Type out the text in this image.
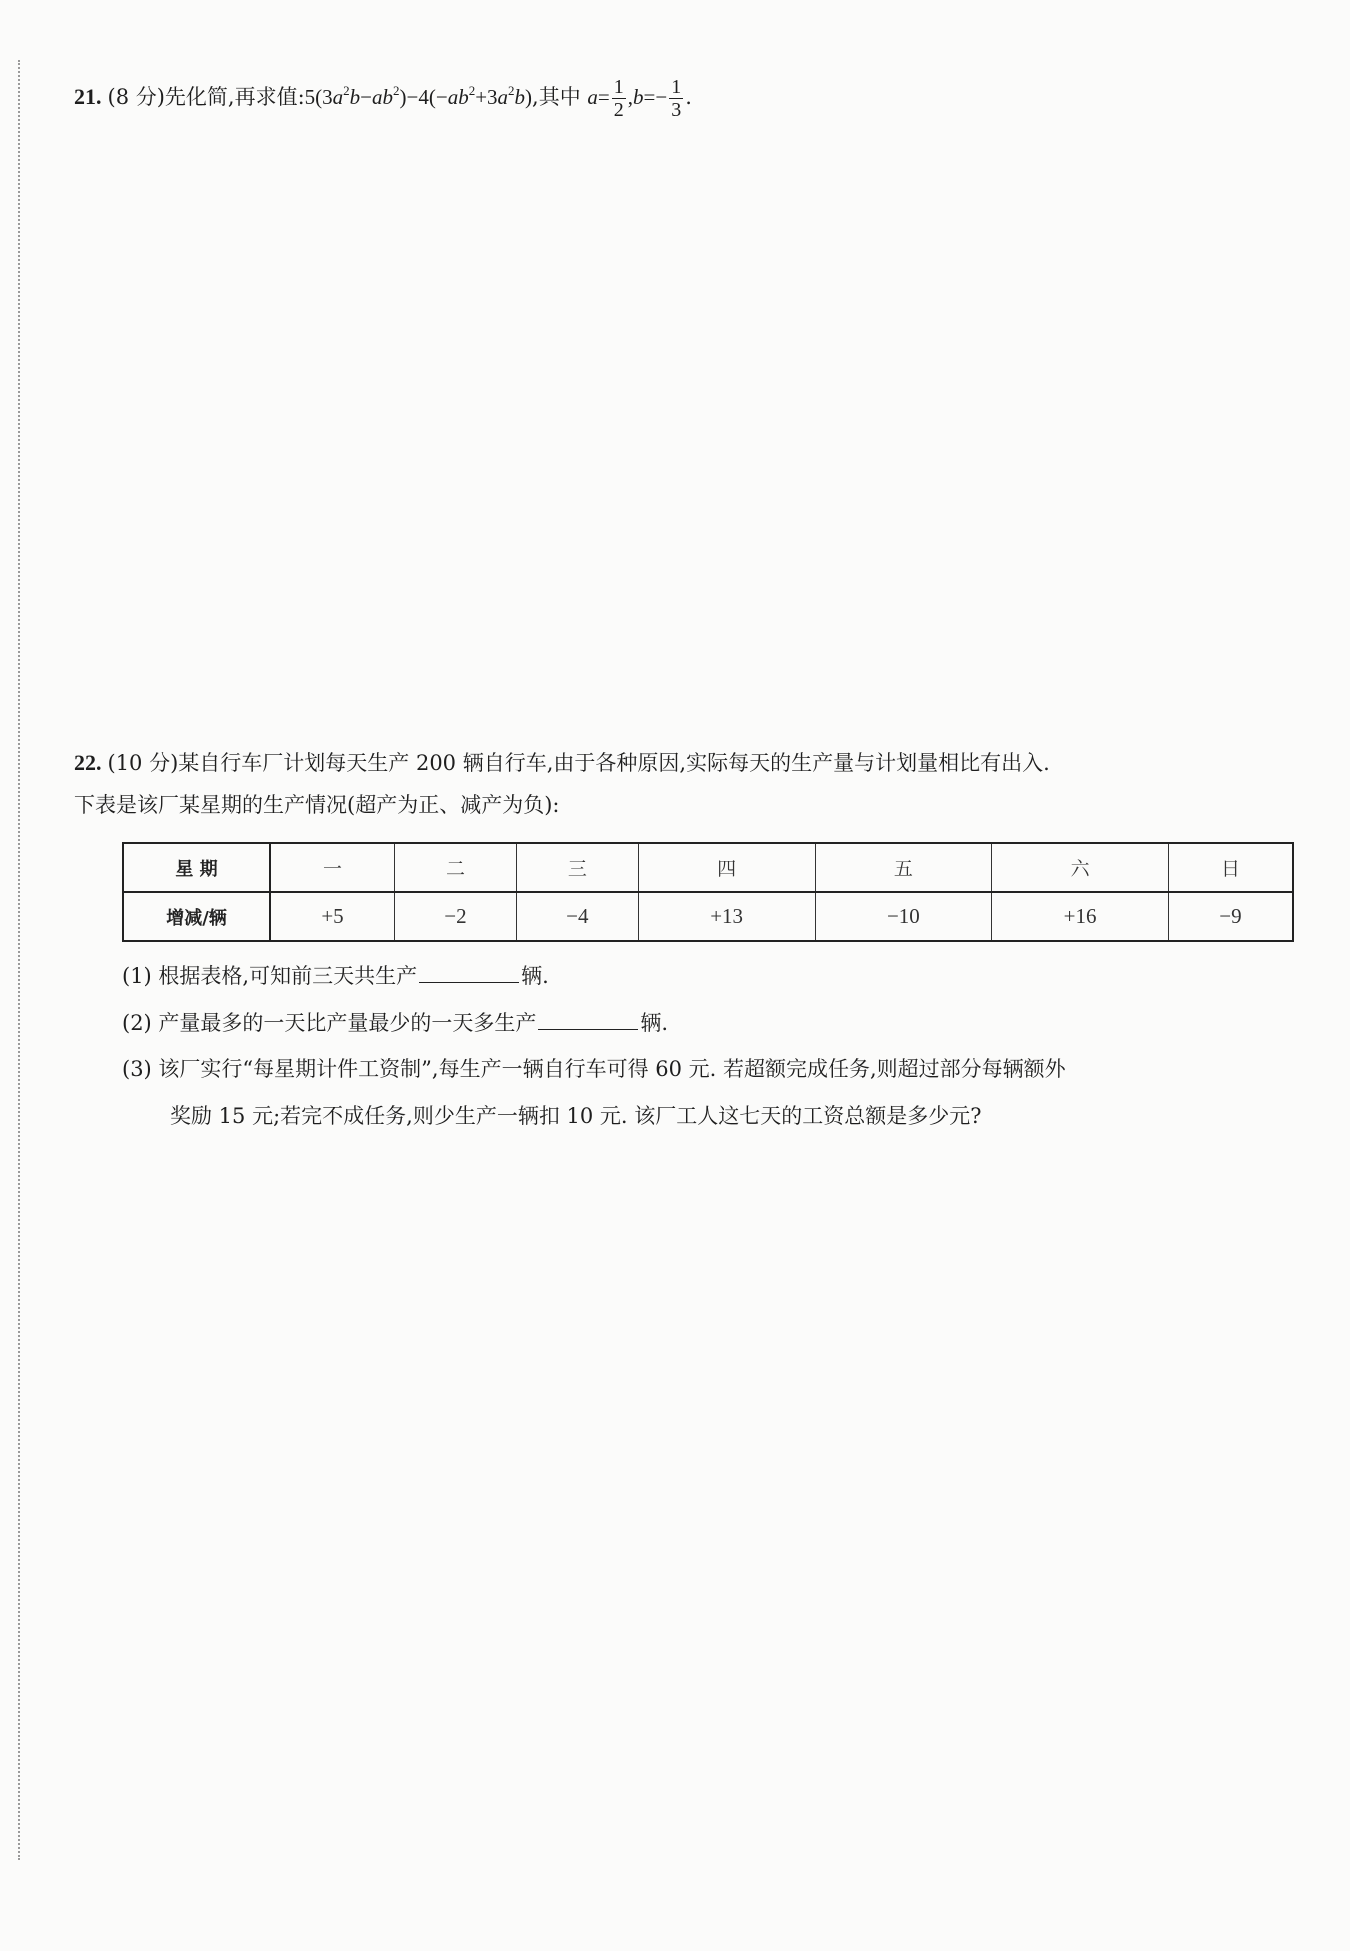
21. (8 分)先化简,再求值$:5(3a^2b-ab^2)-4(-ab^2+3a^2b)$,其中 $a= \frac{1}{2} ,b=- \frac{1}{3}$ .
22. (10 分)某自行车厂计划每天生产 200 辆自行车,由于各种原因,实际每天的生产量与计划量相比有出入.
下表是该厂某星期的生产情况(超产为正、减产为负):
星 期	一	二	三	四	五	六	日
增减/辆	+5	−2	−4	+13	−10	+16	−9
(1) 根据表格,可知前三天共生产	辆.
(2) 产量最多的一天比产量最少的一天多生产	辆.
(3) 该厂实行“每星期计件工资制”,每生产一辆自行车可得 60 元. 若超额完成任务,则超过部分每辆额外
奖励 15 元;若完不成任务,则少生产一辆扣 10 元. 该厂工人这七天的工资总额是多少元?
